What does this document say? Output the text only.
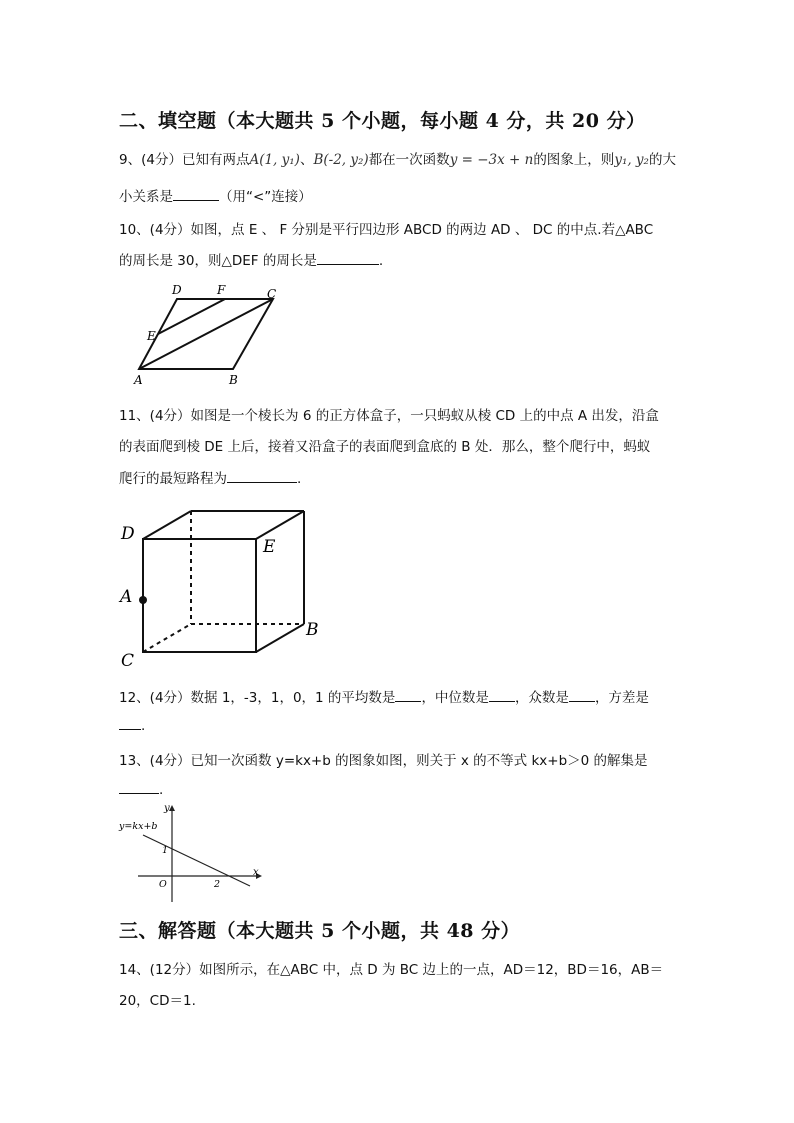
二、填空题（本大题共 5 个小题，每小题 4 分，共 20 分）
9、(4分）已知有两点A(1, y₁)、B(-2, y₂)都在一次函数y = −3x + n的图象上，则y₁, y₂的大
小关系是	（用“<”连接）
10、(4分）如图，点 E 、 F 分别是平行四边形 ABCD 的两边 AD 、 DC 的中点.若△ABC
的周长是 30，则△DEF 的周长是	.
D	F	C
E
A	B
11、(4分）如图是一个棱长为 6 的正方体盒子，一只蚂蚁从棱 CD 上的中点 A 出发，沿盒
的表面爬到棱 DE 上后，接着又沿盒子的表面爬到盒底的 B 处．那么，整个爬行中，蚂蚁
爬行的最短路程为	.
D
E
A
B
C
12、(4分）数据 1，-3，1，0，1 的平均数是 ，中位数是 ，众数是 ，方差是
.
13、(4分）已知一次函数 y=kx+b 的图象如图，则关于 x 的不等式 kx+b＞0 的解集是
.
y
x
y=kx+b
1
O	2
三、解答题（本大题共 5 个小题，共 48 分）
14、(12分）如图所示，在△ABC 中，点 D 为 BC 边上的一点，AD＝12，BD＝16，AB＝
20，CD＝1.
